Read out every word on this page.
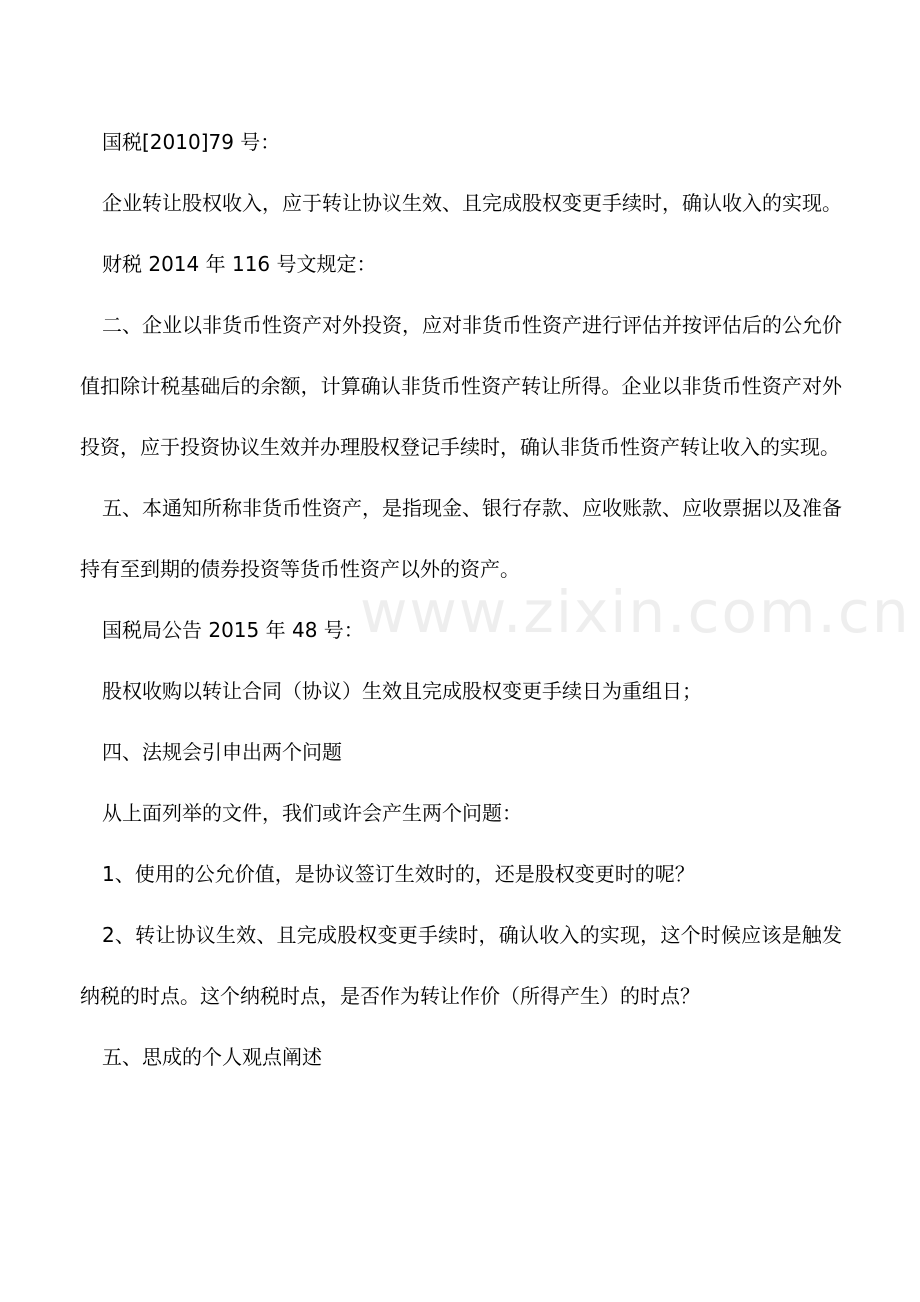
www.zixin.com.cn

国税[2010]79 号：

企业转让股权收入，应于转让协议生效、且完成股权变更手续时，确认收入的实现。

财税 2014 年 116 号文规定：

二、企业以非货币性资产对外投资，应对非货币性资产进行评估并按评估后的公允价值扣除计税基础后的余额，计算确认非货币性资产转让所得。企业以非货币性资产对外投资，应于投资协议生效并办理股权登记手续时，确认非货币性资产转让收入的实现。

五、本通知所称非货币性资产，是指现金、银行存款、应收账款、应收票据以及准备持有至到期的债券投资等货币性资产以外的资产。

国税局公告 2015 年 48 号：

股权收购以转让合同（协议）生效且完成股权变更手续日为重组日；

四、法规会引申出两个问题

从上面列举的文件，我们或许会产生两个问题：

1、使用的公允价值，是协议签订生效时的，还是股权变更时的呢？

2、转让协议生效、且完成股权变更手续时，确认收入的实现，这个时候应该是触发纳税的时点。这个纳税时点，是否作为转让作价（所得产生）的时点？

五、思成的个人观点阐述
